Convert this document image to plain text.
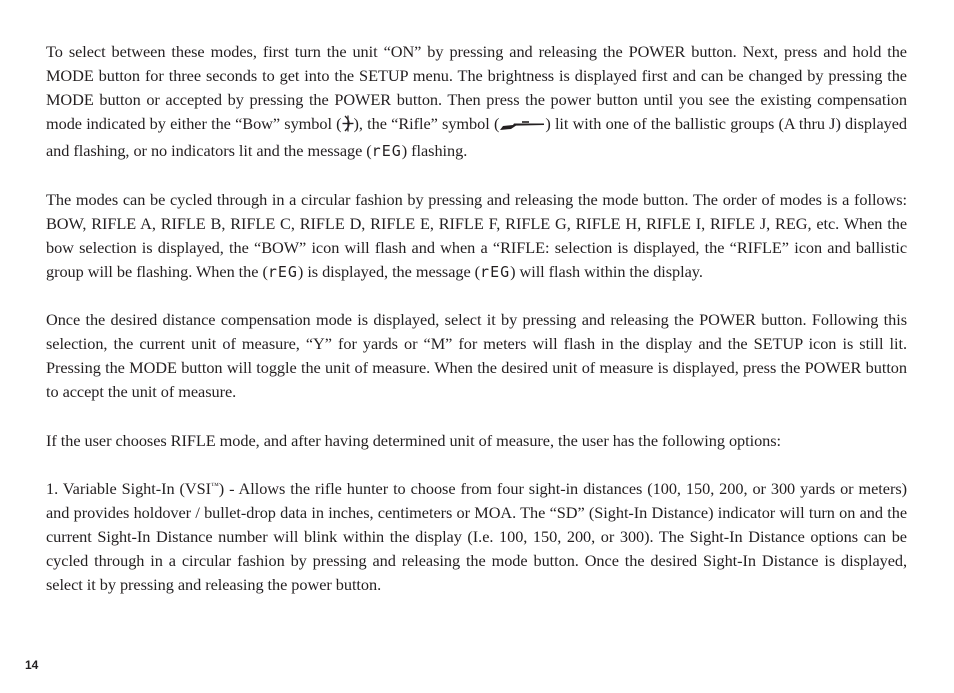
To select between these modes, first turn the unit “ON” by pressing and releasing the POWER button. Next, press and hold the MODE button for three seconds to get into the SETUP menu. The brightness is displayed first and can be changed by pressing the MODE button or accepted by pressing the POWER button. Then press the power button until you see the existing compensation mode indicated by either the “Bow” symbol ( ), the “Rifle” symbol (	) lit with one of the ballistic groups (A thru J) displayed and flashing, or no indicators lit and the message (rEG) flashing.

The modes can be cycled through in a circular fashion by pressing and releasing the mode button. The order of modes is a follows: BOW, RIFLE A, RIFLE B, RIFLE C, RIFLE D, RIFLE E, RIFLE F, RIFLE G, RIFLE H, RIFLE I, RIFLE J, REG, etc. When the bow selection is displayed, the “BOW” icon will flash and when a “RIFLE: selection is displayed, the “RIFLE” icon and ballistic group will be flashing. When the (rEG) is displayed, the message (rEG) will flash within the display.

Once the desired distance compensation mode is displayed, select it by pressing and releasing the POWER button. Following this selection, the current unit of measure, “Y” for yards or “M” for meters will flash in the display and the SETUP icon is still lit. Pressing the MODE button will toggle the unit of measure. When the desired unit of measure is displayed, press the POWER button to accept the unit of measure.

If the user chooses RIFLE mode, and after having determined unit of measure, the user has the following options:

1. Variable Sight-In (VSI™) - Allows the rifle hunter to choose from four sight-in distances (100, 150, 200, or 300 yards or meters) and provides holdover / bullet-drop data in inches, centimeters or MOA. The “SD” (Sight-In Distance) indicator will turn on and the current Sight-In Distance number will blink within the display (I.e. 100, 150, 200, or 300). The Sight-In Distance options can be cycled through in a circular fashion by pressing and releasing the mode button. Once the desired Sight-In Distance is displayed, select it by pressing and releasing the power button.

14
